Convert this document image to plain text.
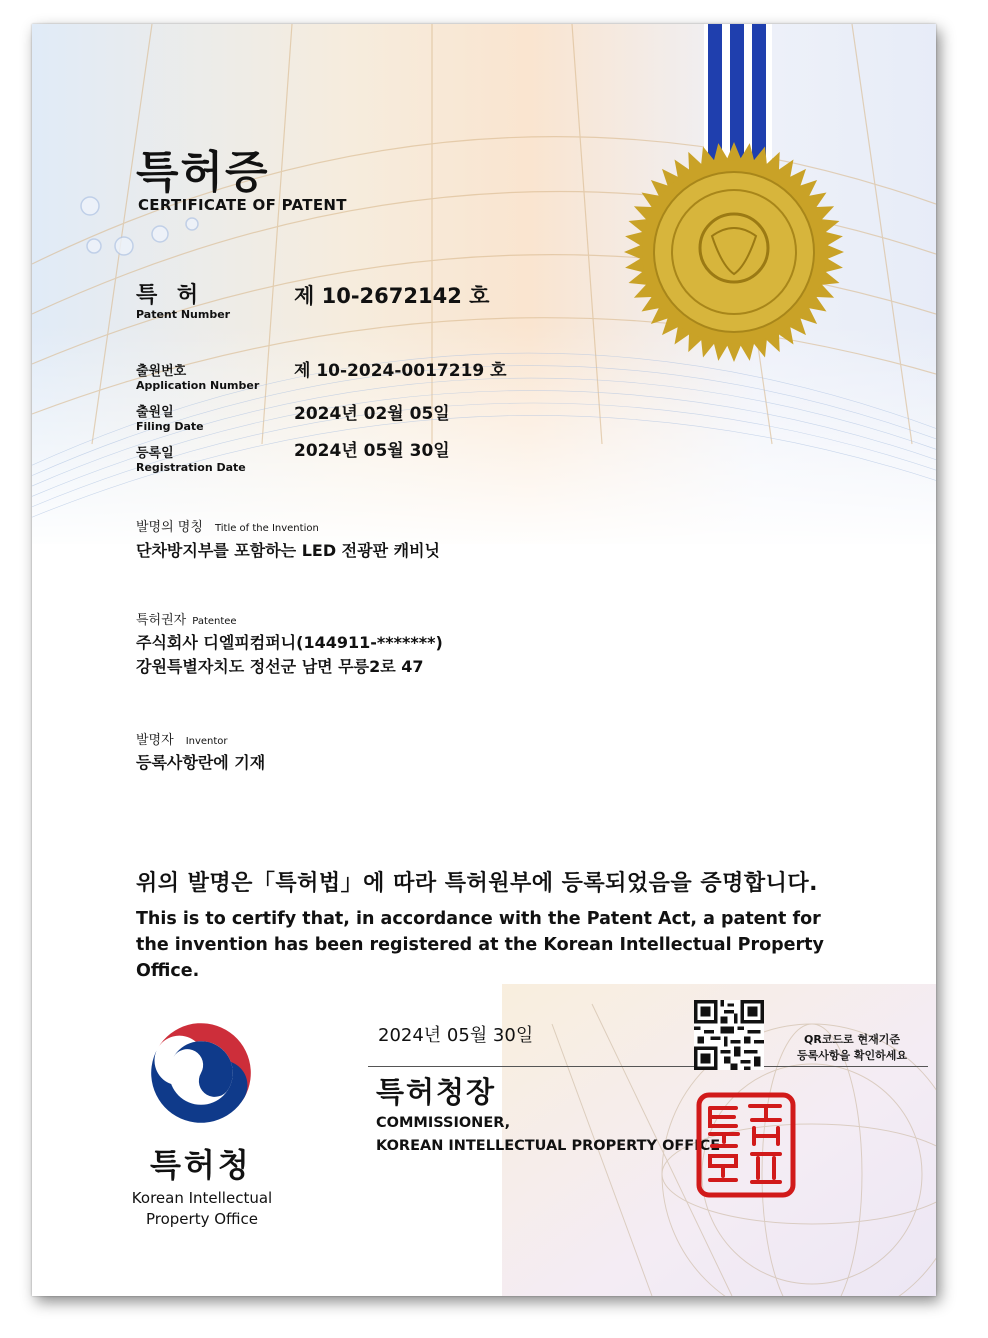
특허증
CERTIFICATE OF PATENT
특 허
Patent Number
제 10-2672142 호
출원번호
Application Number
제 10-2024-0017219 호
출원일
Filing Date
2024년 02월 05일
등록일
Registration Date
2024년 05월 30일
발명의 명칭 Title of the Invention
단차방지부를 포함하는 LED 전광판 캐비닛
특허권자 Patentee
주식회사 디엘피컴퍼니(144911-*******)
강원특별자치도 정선군 남면 무릉2로 47
발명자 Inventor
등록사항란에 기재
위의 발명은「특허법」에 따라 특허원부에 등록되었음을 증명합니다.
This is to certify that, in accordance with the Patent Act, a patent for the invention has been registered at the Korean Intellectual Property Office.
특허청
Korean Intellectual
Property Office
2024년 05월 30일
특허청장
COMMISSIONER,
KOREAN INTELLECTUAL PROPERTY OFFICE
QR코드로 현재기준
등록사항을 확인하세요
